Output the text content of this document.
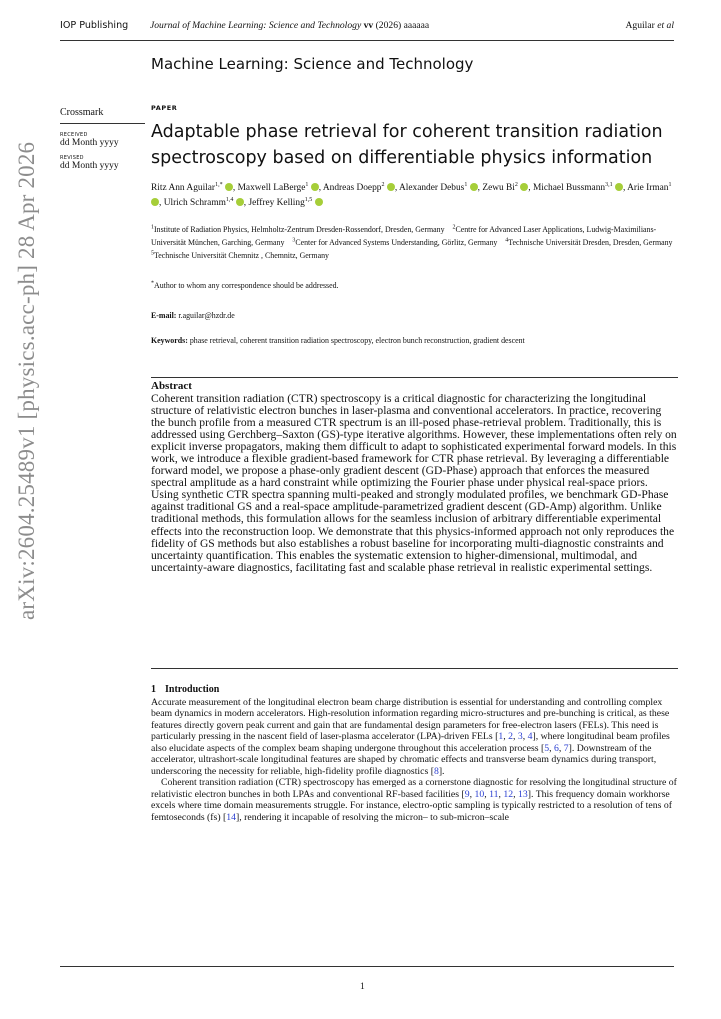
IOP Publishing Journal of Machine Learning: Science and Technology vv (2026) aaaaaa	Aguilar et al
Machine Learning: Science and Technology
Crossmark
RECEIVED
dd Month yyyy
REVISED
dd Month yyyy
PAPER
Adaptable phase retrieval for coherent transition radiation
spectroscopy based on differentiable physics information
Ritz Ann Aguilar$^{1,*}$ , Maxwell LaBerge$^1$ , Andreas Doepp$^2$ , Alexander Debus$^1$ , Zewu Bi$^2$ , Michael Bussmann$^{3,1}$ , Arie Irman$^1$ , Ulrich Schramm$^{1,4}$ , Jeffrey Kelling$^{1,5}$
$^1$Institute of Radiation Physics, Helmholtz-Zentrum Dresden-Rossendorf, Dresden, Germany  $^2$Centre for Advanced Laser Applications, Ludwig-Maximilians-Universität München, Garching, Germany  $^3$Center for Advanced Systems Understanding, Görlitz, Germany  $^4$Technische Universität Dresden, Dresden, Germany $^5$Technische Universität Chemnitz , Chemnitz, Germany
*Author to whom any correspondence should be addressed.
E-mail: r.aguilar@hzdr.de
Keywords: phase retrieval, coherent transition radiation spectroscopy, electron bunch reconstruction, gradient descent
Abstract
Coherent transition radiation (CTR) spectroscopy is a critical diagnostic for characterizing the longitudinal structure of relativistic electron bunches in laser-plasma and conventional accelerators. In practice, recovering the bunch profile from a measured CTR spectrum is an ill-posed phase-retrieval problem. Traditionally, this is addressed using Gerchberg–Saxton (GS)-type iterative algorithms. However, these implementations often rely on explicit inverse propagators, making them difficult to adapt to sophisticated experimental forward models. In this work, we introduce a flexible gradient-based framework for CTR phase retrieval. By leveraging a differentiable forward model, we propose a phase-only gradient descent (GD-Phase) approach that enforces the measured spectral amplitude as a hard constraint while optimizing the Fourier phase under physical real-space priors. Using synthetic CTR spectra spanning multi-peaked and strongly modulated profiles, we benchmark GD-Phase against traditional GS and a real-space amplitude-parametrized gradient descent (GD-Amp) algorithm. Unlike traditional methods, this formulation allows for the seamless inclusion of arbitrary differentiable experimental effects into the reconstruction loop. We demonstrate that this physics-informed approach not only reproduces the fidelity of GS methods but also establishes a robust baseline for incorporating multi-diagnostic constraints and uncertainty quantification. This enables the systematic extension to higher-dimensional, multimodal, and uncertainty-aware diagnostics, facilitating fast and scalable phase retrieval in realistic experimental settings.
1 Introduction

Accurate measurement of the longitudinal electron beam charge distribution is essential for understanding and controlling complex beam dynamics in modern accelerators. High-resolution information regarding micro-structures and pre-bunching is critical, as these features directly govern peak current and gain that are fundamental design parameters for free-electron lasers (FELs). This need is particularly pressing in the nascent field of laser-plasma accelerator (LPA)-driven FELs [1, 2, 3, 4], where longitudinal beam profiles also elucidate aspects of the complex beam shaping undergone throughout this acceleration process [5, 6, 7]. Downstream of the accelerator, ultrashort-scale longitudinal features are shaped by chromatic effects and transverse beam dynamics during transport, underscoring the necessity for reliable, high-fidelity profile diagnostics [8].

Coherent transition radiation (CTR) spectroscopy has emerged as a cornerstone diagnostic for resolving the longitudinal structure of relativistic electron bunches in both LPAs and conventional RF-based facilities [9, 10, 11, 12, 13]. This frequency domain workhorse excels where time domain measurements struggle. For instance, electro-optic sampling is typically restricted to a resolution of tens of femtoseconds (fs) [14], rendering it incapable of resolving the micron– to sub-micron–scale

arXiv:2604.25489v1 [physics.acc-ph] 28 Apr 2026
1
